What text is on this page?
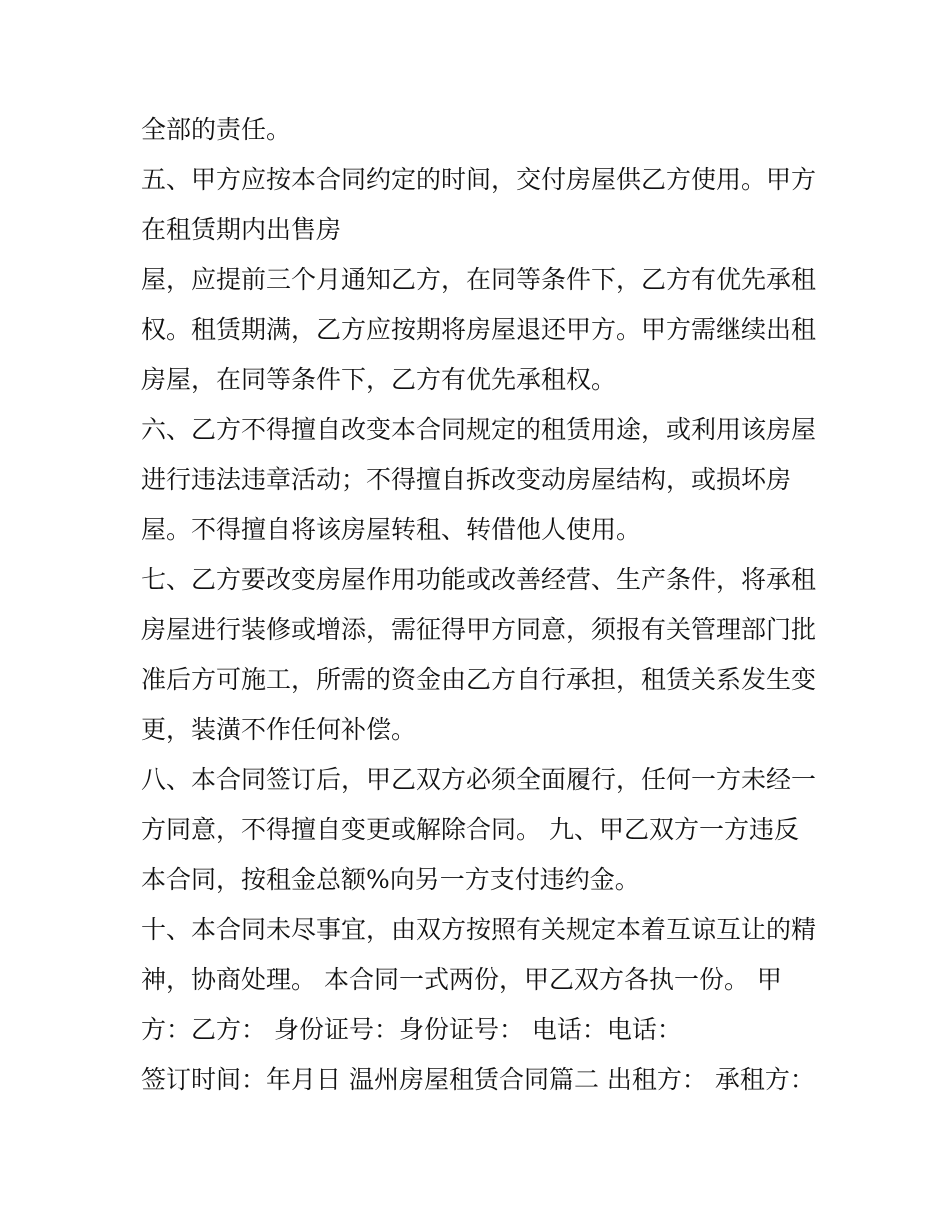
全部的责任。
五、甲方应按本合同约定的时间，交付房屋供乙方使用。甲方
在租赁期内出售房
屋，应提前三个月通知乙方，在同等条件下，乙方有优先承租
权。租赁期满，乙方应按期将房屋退还甲方。甲方需继续出租
房屋，在同等条件下，乙方有优先承租权。
六、乙方不得擅自改变本合同规定的租赁用途，或利用该房屋
进行违法违章活动；不得擅自拆改变动房屋结构，或损坏房
屋。不得擅自将该房屋转租、转借他人使用。
七、乙方要改变房屋作用功能或改善经营、生产条件，将承租
房屋进行装修或增添，需征得甲方同意，须报有关管理部门批
准后方可施工，所需的资金由乙方自行承担，租赁关系发生变
更，装潢不作任何补偿。
八、本合同签订后，甲乙双方必须全面履行，任何一方未经一
方同意，不得擅自变更或解除合同。 九、甲乙双方一方违反
本合同，按租金总额%向另一方支付违约金。
十、本合同未尽事宜，由双方按照有关规定本着互谅互让的精
神，协商处理。 本合同一式两份，甲乙双方各执一份。 甲
方：乙方： 身份证号：身份证号： 电话：电话：
签订时间：年月日 温州房屋租赁合同篇二 出租方： 承租方：
